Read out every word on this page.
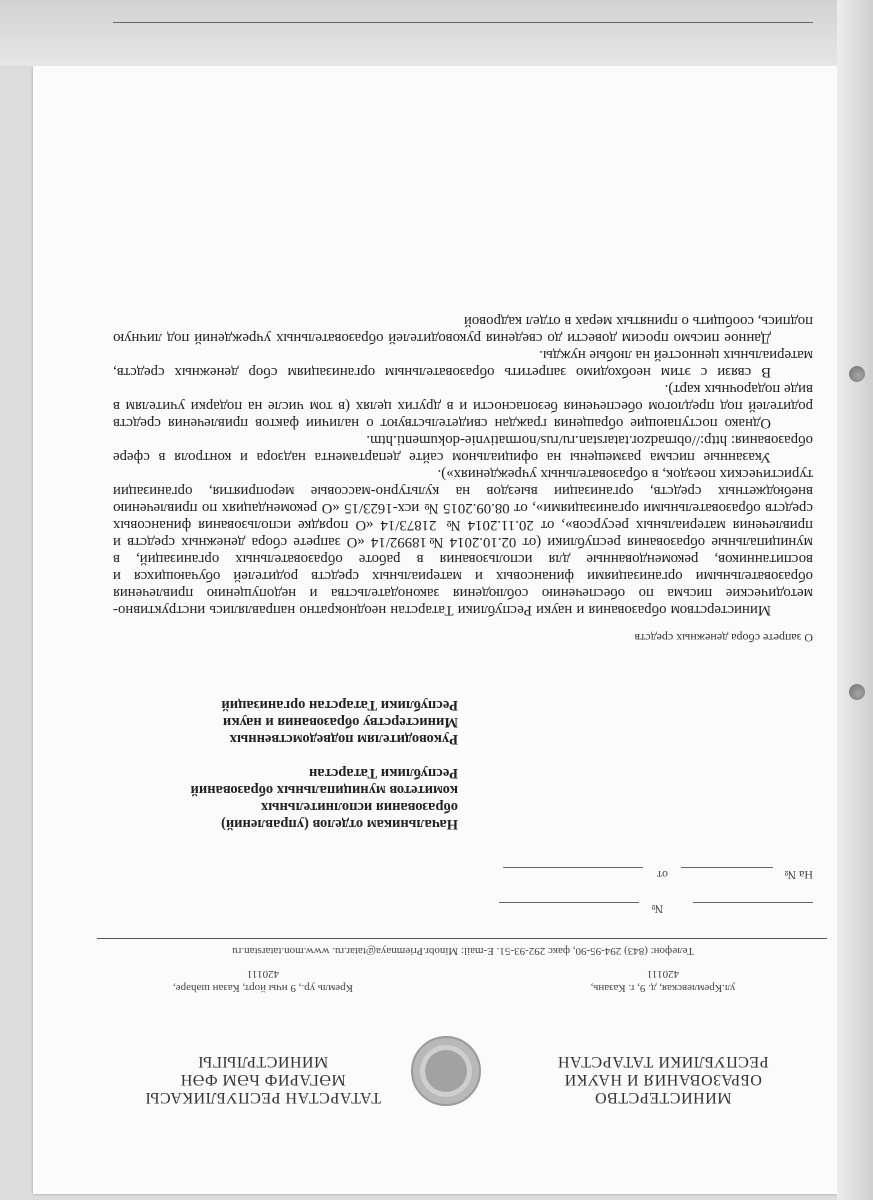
МИНИСТЕРСТВО
ОБРАЗОВАНИЯ И НАУКИ
РЕСПУБЛИКИ ТАТАРСТАН
ТАТАРСТАН РЕСПУБЛИКАСЫ
МӘГАРИФ ҺӘМ ФӘН
МИНИСТРЛЫГЫ
ул.Кремлевская, д. 9, г. Казань,
420111
Кремль ур., 9 нчы йорт, Казан шәһәре,
420111
Телефон: (843) 294-95-90, факс 292-93-51. E-mail: Minobr.Priemnaya@tatar.ru. www.mon.tatarstan.ru
№
На №
от

Начальникам отделов (управлений)
образования исполнительных
комитетов муниципальных образований
Республики Татарстан

Руководителям подведомственных
Министерству образования и науки
Республики Татарстан организаций

О запрете сбора денежных средств

Министерством образования и науки Республики Татарстан неоднократно направлялись инструктивно-методические письма по обеспечению соблюдения законодательства и недопущению привлечения образовательными организациями финансовых и материальных средств родителей обучающихся и воспитанников, рекомендованные для использования в работе образовательных организаций, в муниципальные образования республики (от 02.10.2014 №18992/14 «О запрете сбора денежных средств и привлечения материальных ресурсов», от 20.11.2014 № 21873/14 «О порядке использования финансовых средств образовательными организациями», от 08.09.2015 № исх-1623/15 «О рекомендациях по привлечению внебюджетных средств, организации выездов на культурно-массовые мероприятия, организации туристических поездок, в образовательных учреждениях»).

Указанные письма размещены на официальном сайте департамента надзора и контроля в сфере образования: http://obrnadzor.tatarstan.ru/rus/normativnie-dokumenti.htm.

Однако поступающие обращения граждан свидетельствуют о наличии фактов привлечения средств родителей под предлогом обеспечения безопасности и в других целях (в том числе на подарки учителям в виде подарочных карт).

В связи с этим необходимо запретить образовательным организациям сбор денежных средств, материальных ценностей на любые нужды.

Данное письмо просим довести до сведения руководителей образовательных учреждений под личную подпись, сообщить о принятых мерах в отдел кадровой
